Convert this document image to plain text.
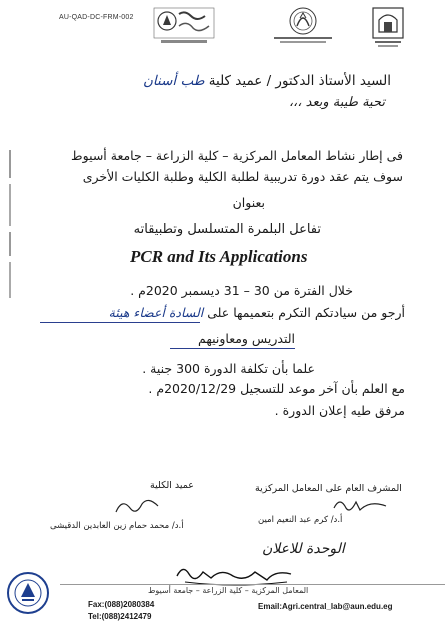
AU-QAD-DC-FRM-002
السيد الأستاذ الدكتور / عميد كلية طب أسنان
تحية طيبة وبعد ،،،
فى إطار نشاط المعامل المركزية – كلية الزراعة – جامعة أسيوط
سوف يتم عقد دورة تدريبية لطلبة الكلية وطلبة الكليات الأخرى
بعنوان
تفاعل البلمرة المتسلسل وتطبيقاته
PCR and Its Applications
خلال الفترة من 30 – 31 ديسمبر 2020م .
أرجو من سيادتكم التكرم بتعميمها على السادة أعضاء هيئة
التدريس ومعاونيهم
علما بأن تكلفة الدورة 300 جنية .
مع العلم بأن آخر موعد للتسجيل 2020/12/29م .
مرفق طيه إعلان الدورة .
عميد الكلية
أ.د/ محمد حمام زين العابدين الدقيشى
المشرف العام على المعامل المركزية
أ.د/ كرم عبد النعيم امين
الوحدة للاعلان
المعامل المركزية – كلية الزراعة – جامعة أسيوط
Fax:(088)2080384
Tel:(088)2412479
Email:Agri.central_lab@aun.edu.eg
